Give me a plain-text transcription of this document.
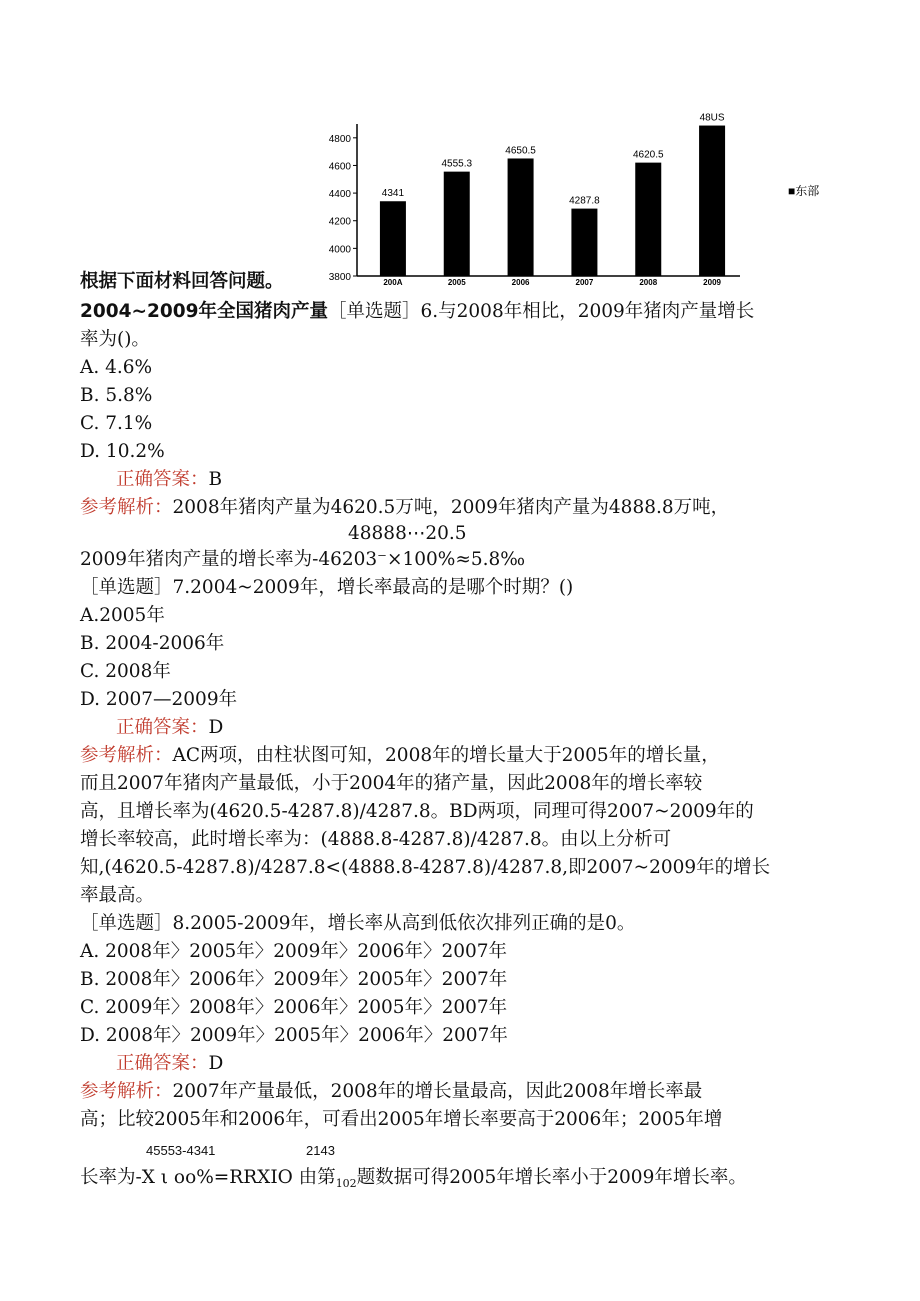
4800
4600
4400
4200
4000
3800
4341
4555.3
4650.5
4287.8
4620.5
48US
200A	2005	2006	2007	2008	2009
■东部
根据下面材料回答问题。
2004~2009年全国猪肉产量［单选题］6.与2008年相比，2009年猪肉产量增长
率为()。
A. 4.6%
B. 5.8%
C. 7.1%
D. 10.2%
正确答案：B
参考解析：2008年猪肉产量为4620.5万吨，2009年猪肉产量为4888.8万吨，
48888⋯20.5
2009年猪肉产量的增长率为-46203⁻×100%≈5.8‰
［单选题］7.2004~2009年，增长率最高的是哪个时期？()
A.2005年
B. 2004-2006年
C. 2008年
D. 2007—2009年
正确答案：D
参考解析：AC两项，由柱状图可知，2008年的增长量大于2005年的增长量，
而且2007年猪肉产量最低，小于2004年的猪产量，因此2008年的增长率较
高，且增长率为(4620.5-4287.8)/4287.8。BD两项，同理可得2007~2009年的
增长率较高，此时增长率为：(4888.8-4287.8)/4287.8。由以上分析可
知,(4620.5-4287.8)/4287.8<(4888.8-4287.8)/4287.8,即2007~2009年的增长
率最高。
［单选题］8.2005-2009年，增长率从高到低依次排列正确的是0。
A. 2008年〉2005年〉2009年〉2006年〉2007年
B. 2008年〉2006年〉2009年〉2005年〉2007年
C. 2009年〉2008年〉2006年〉2005年〉2007年
D. 2008年〉2009年〉2005年〉2006年〉2007年
正确答案：D
参考解析：2007年产量最低，2008年的增长量最高，因此2008年增长率最
高；比较2005年和2006年，可看出2005年增长率要高于2006年；2005年增
45553-4341	2143
长率为-X ι oo%=RRXIO 由第$_{102}$题数据可得2005年增长率小于2009年增长率。
